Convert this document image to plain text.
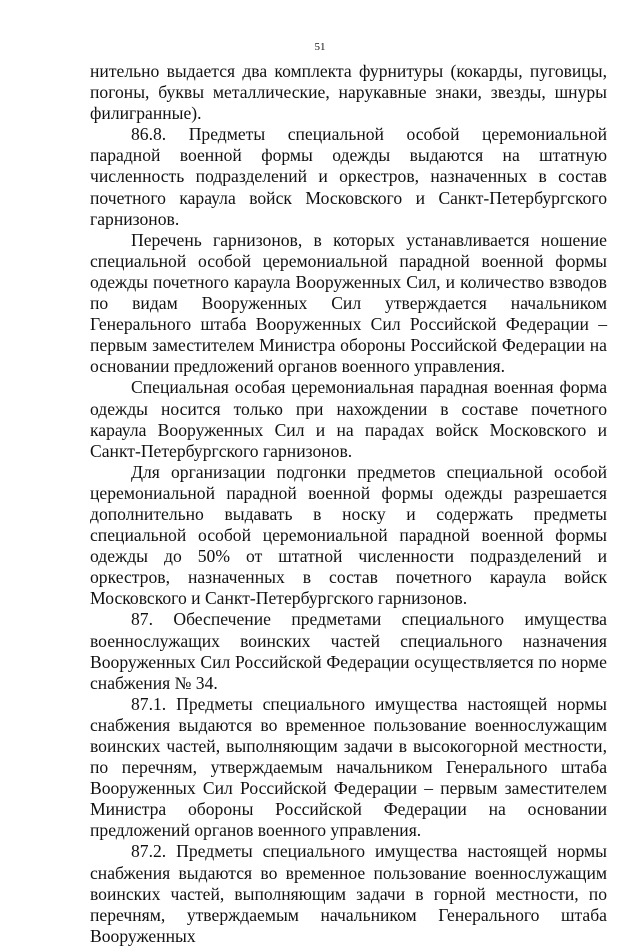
51

нительно выдается два комплекта фурнитуры (кокарды, пуговицы, погоны, буквы металлические, нарукавные знаки, звезды, шнуры филигранные).

86.8. Предметы специальной особой церемониальной парадной военной формы одежды выдаются на штатную численность подразделений и оркестров, назначенных в состав почетного караула войск Московского и Санкт-Петербургского гарнизонов.

Перечень гарнизонов, в которых устанавливается ношение специальной особой церемониальной парадной военной формы одежды почетного караула Вооруженных Сил, и количество взводов по видам Вооруженных Сил утверждается начальником Генерального штаба Вооруженных Сил Российской Федерации – первым заместителем Министра обороны Российской Федерации на основании предложений органов военного управления.

Специальная особая церемониальная парадная военная форма одежды носится только при нахождении в составе почетного караула Вооруженных Сил и на парадах войск Московского и Санкт-Петербургского гарнизонов.

Для организации подгонки предметов специальной особой церемониальной парадной военной формы одежды разрешается дополнительно выдавать в носку и содержать предметы специальной особой церемониальной парадной военной формы одежды до 50% от штатной численности подразделений и оркестров, назначенных в состав почетного караула войск Московского и Санкт-Петербургского гарнизонов.

87. Обеспечение предметами специального имущества военнослужащих воинских частей специального назначения Вооруженных Сил Российской Федерации осуществляется по норме снабжения № 34.

87.1. Предметы специального имущества настоящей нормы снабжения выдаются во временное пользование военнослужащим воинских частей, выполняющим задачи в высокогорной местности, по перечням, утверждаемым начальником Генерального штаба Вооруженных Сил Российской Федерации – первым заместителем Министра обороны Российской Федерации на основании предложений органов военного управления.

87.2. Предметы специального имущества настоящей нормы снабжения выдаются во временное пользование военнослужащим воинских частей, выполняющим задачи в горной местности, по перечням, утверждаемым начальником Генерального штаба Вооруженных
